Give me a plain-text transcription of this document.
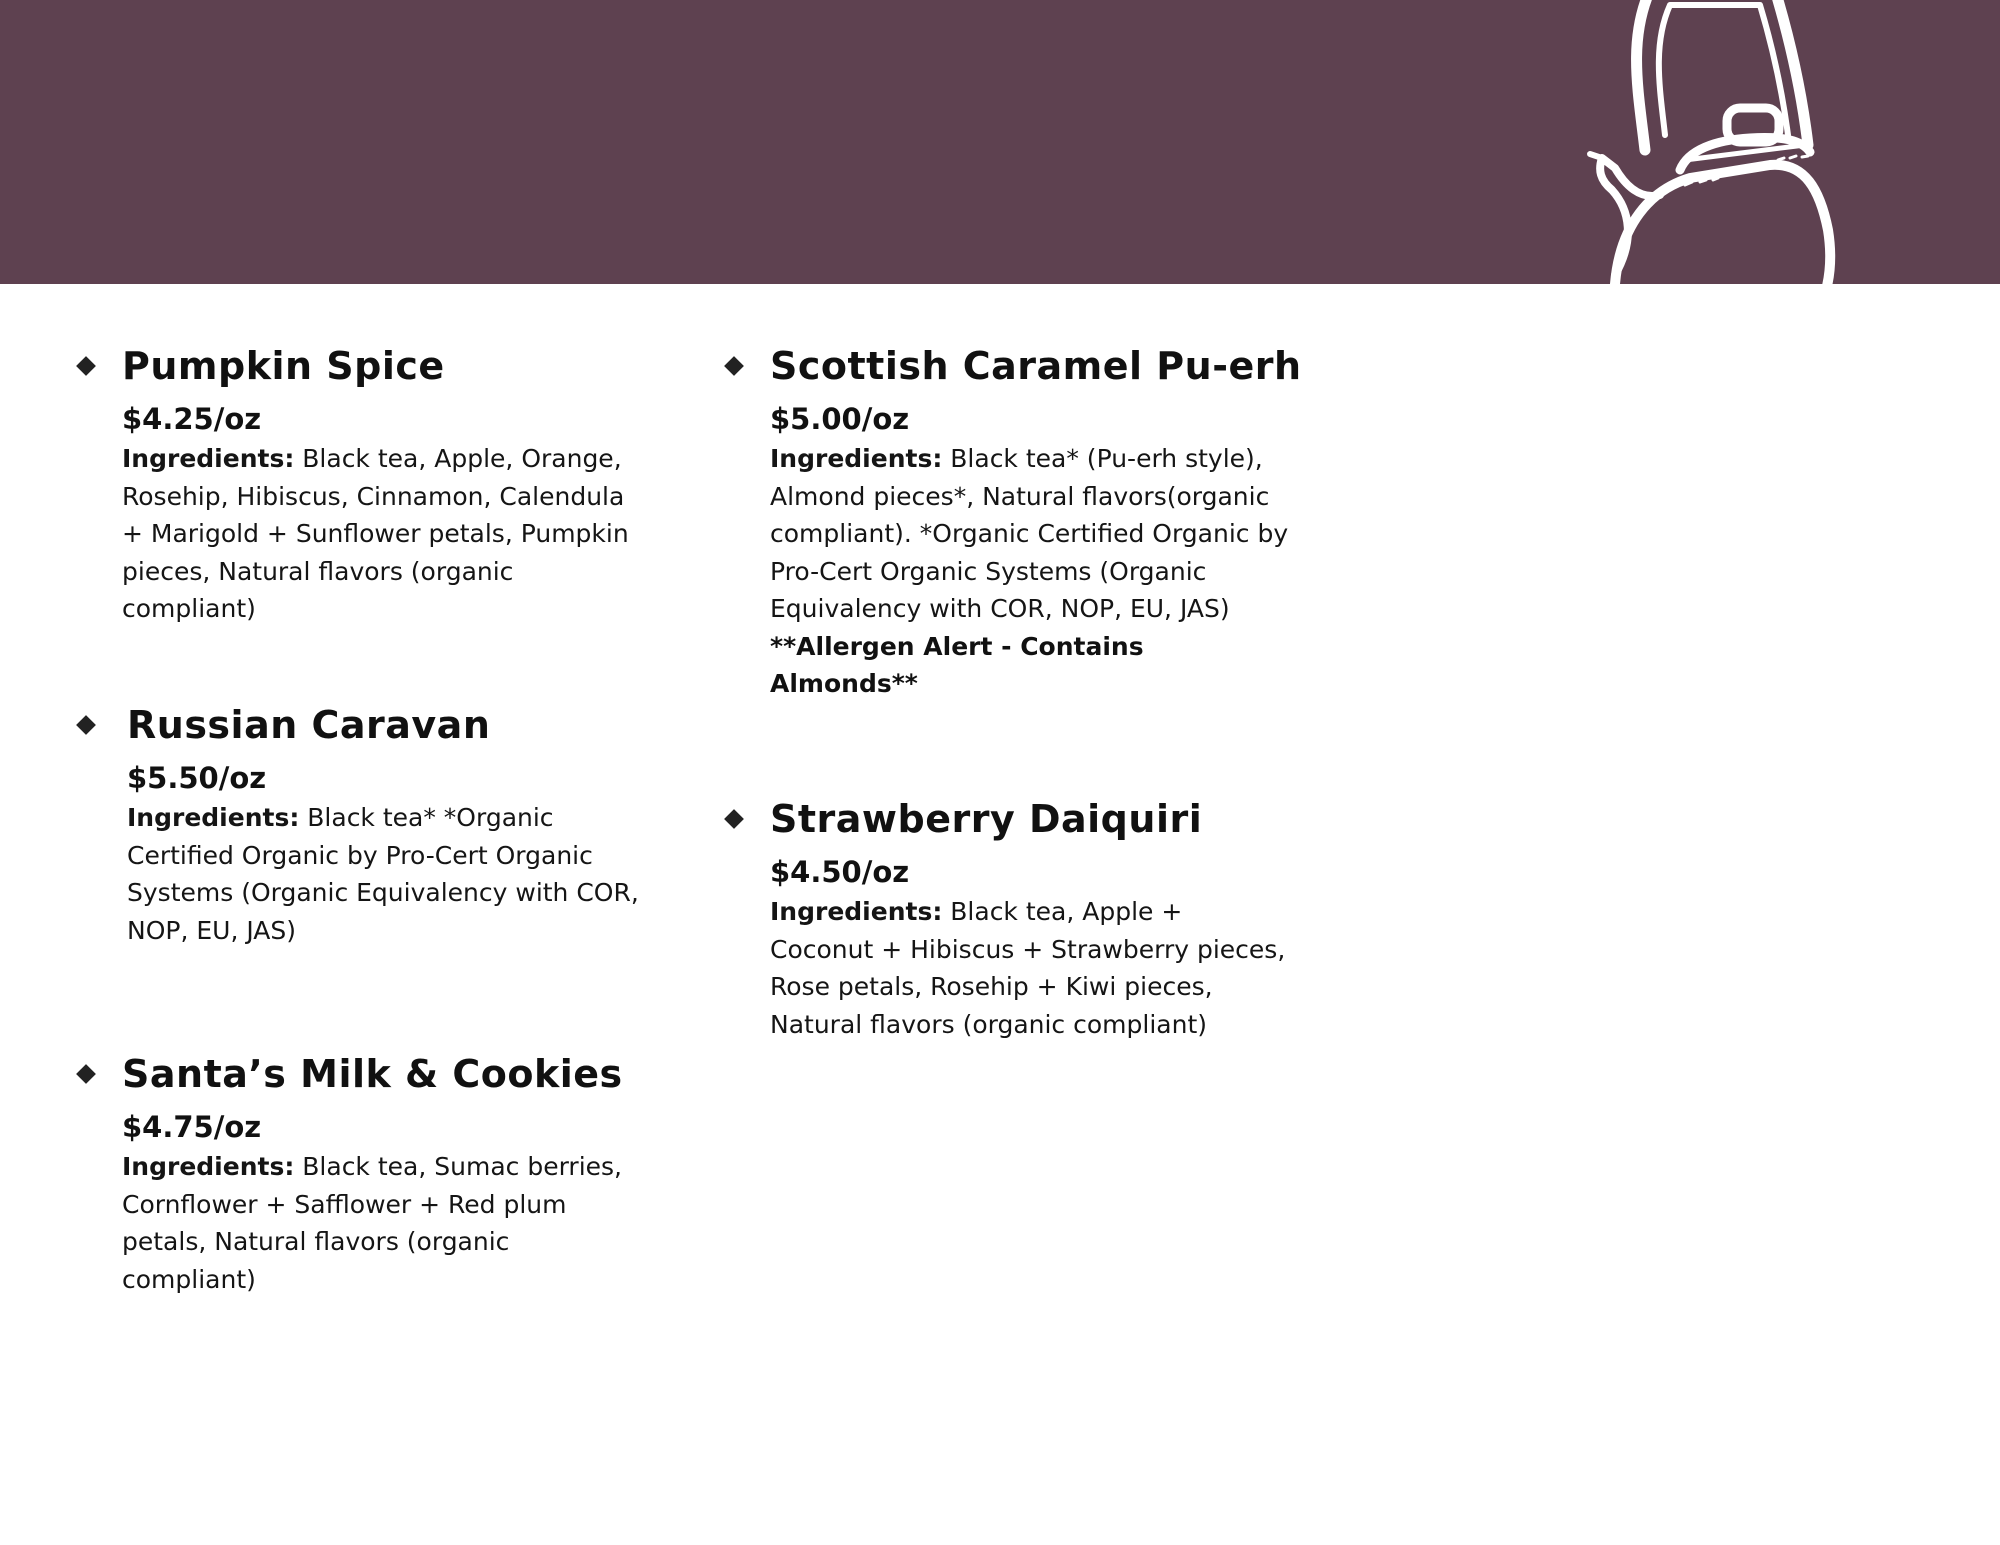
Pumpkin Spice
$4.25/oz

Ingredients: Black tea, Apple, Orange, Rosehip, Hibiscus, Cinnamon, Calendula + Marigold + Sunflower petals, Pumpkin pieces, Natural flavors (organic compliant)

Russian Caravan
$5.50/oz

Ingredients: Black tea* *Organic Certified Organic by Pro-Cert Organic Systems (Organic Equivalency with COR, NOP, EU, JAS)

Santa’s Milk & Cookies
$4.75/oz

Ingredients: Black tea, Sumac berries, Cornflower + Safflower + Red plum petals, Natural flavors (organic compliant)

Scottish Caramel Pu-erh
$5.00/oz

Ingredients: Black tea* (Pu-erh style), Almond pieces*, Natural flavors(organic compliant). *Organic Certified Organic by Pro-Cert Organic Systems (Organic Equivalency with COR, NOP, EU, JAS)

**Allergen Alert - Contains Almonds**

Strawberry Daiquiri
$4.50/oz

Ingredients: Black tea, Apple + Coconut + Hibiscus + Strawberry pieces, Rose petals, Rosehip + Kiwi pieces, Natural flavors (organic compliant)
